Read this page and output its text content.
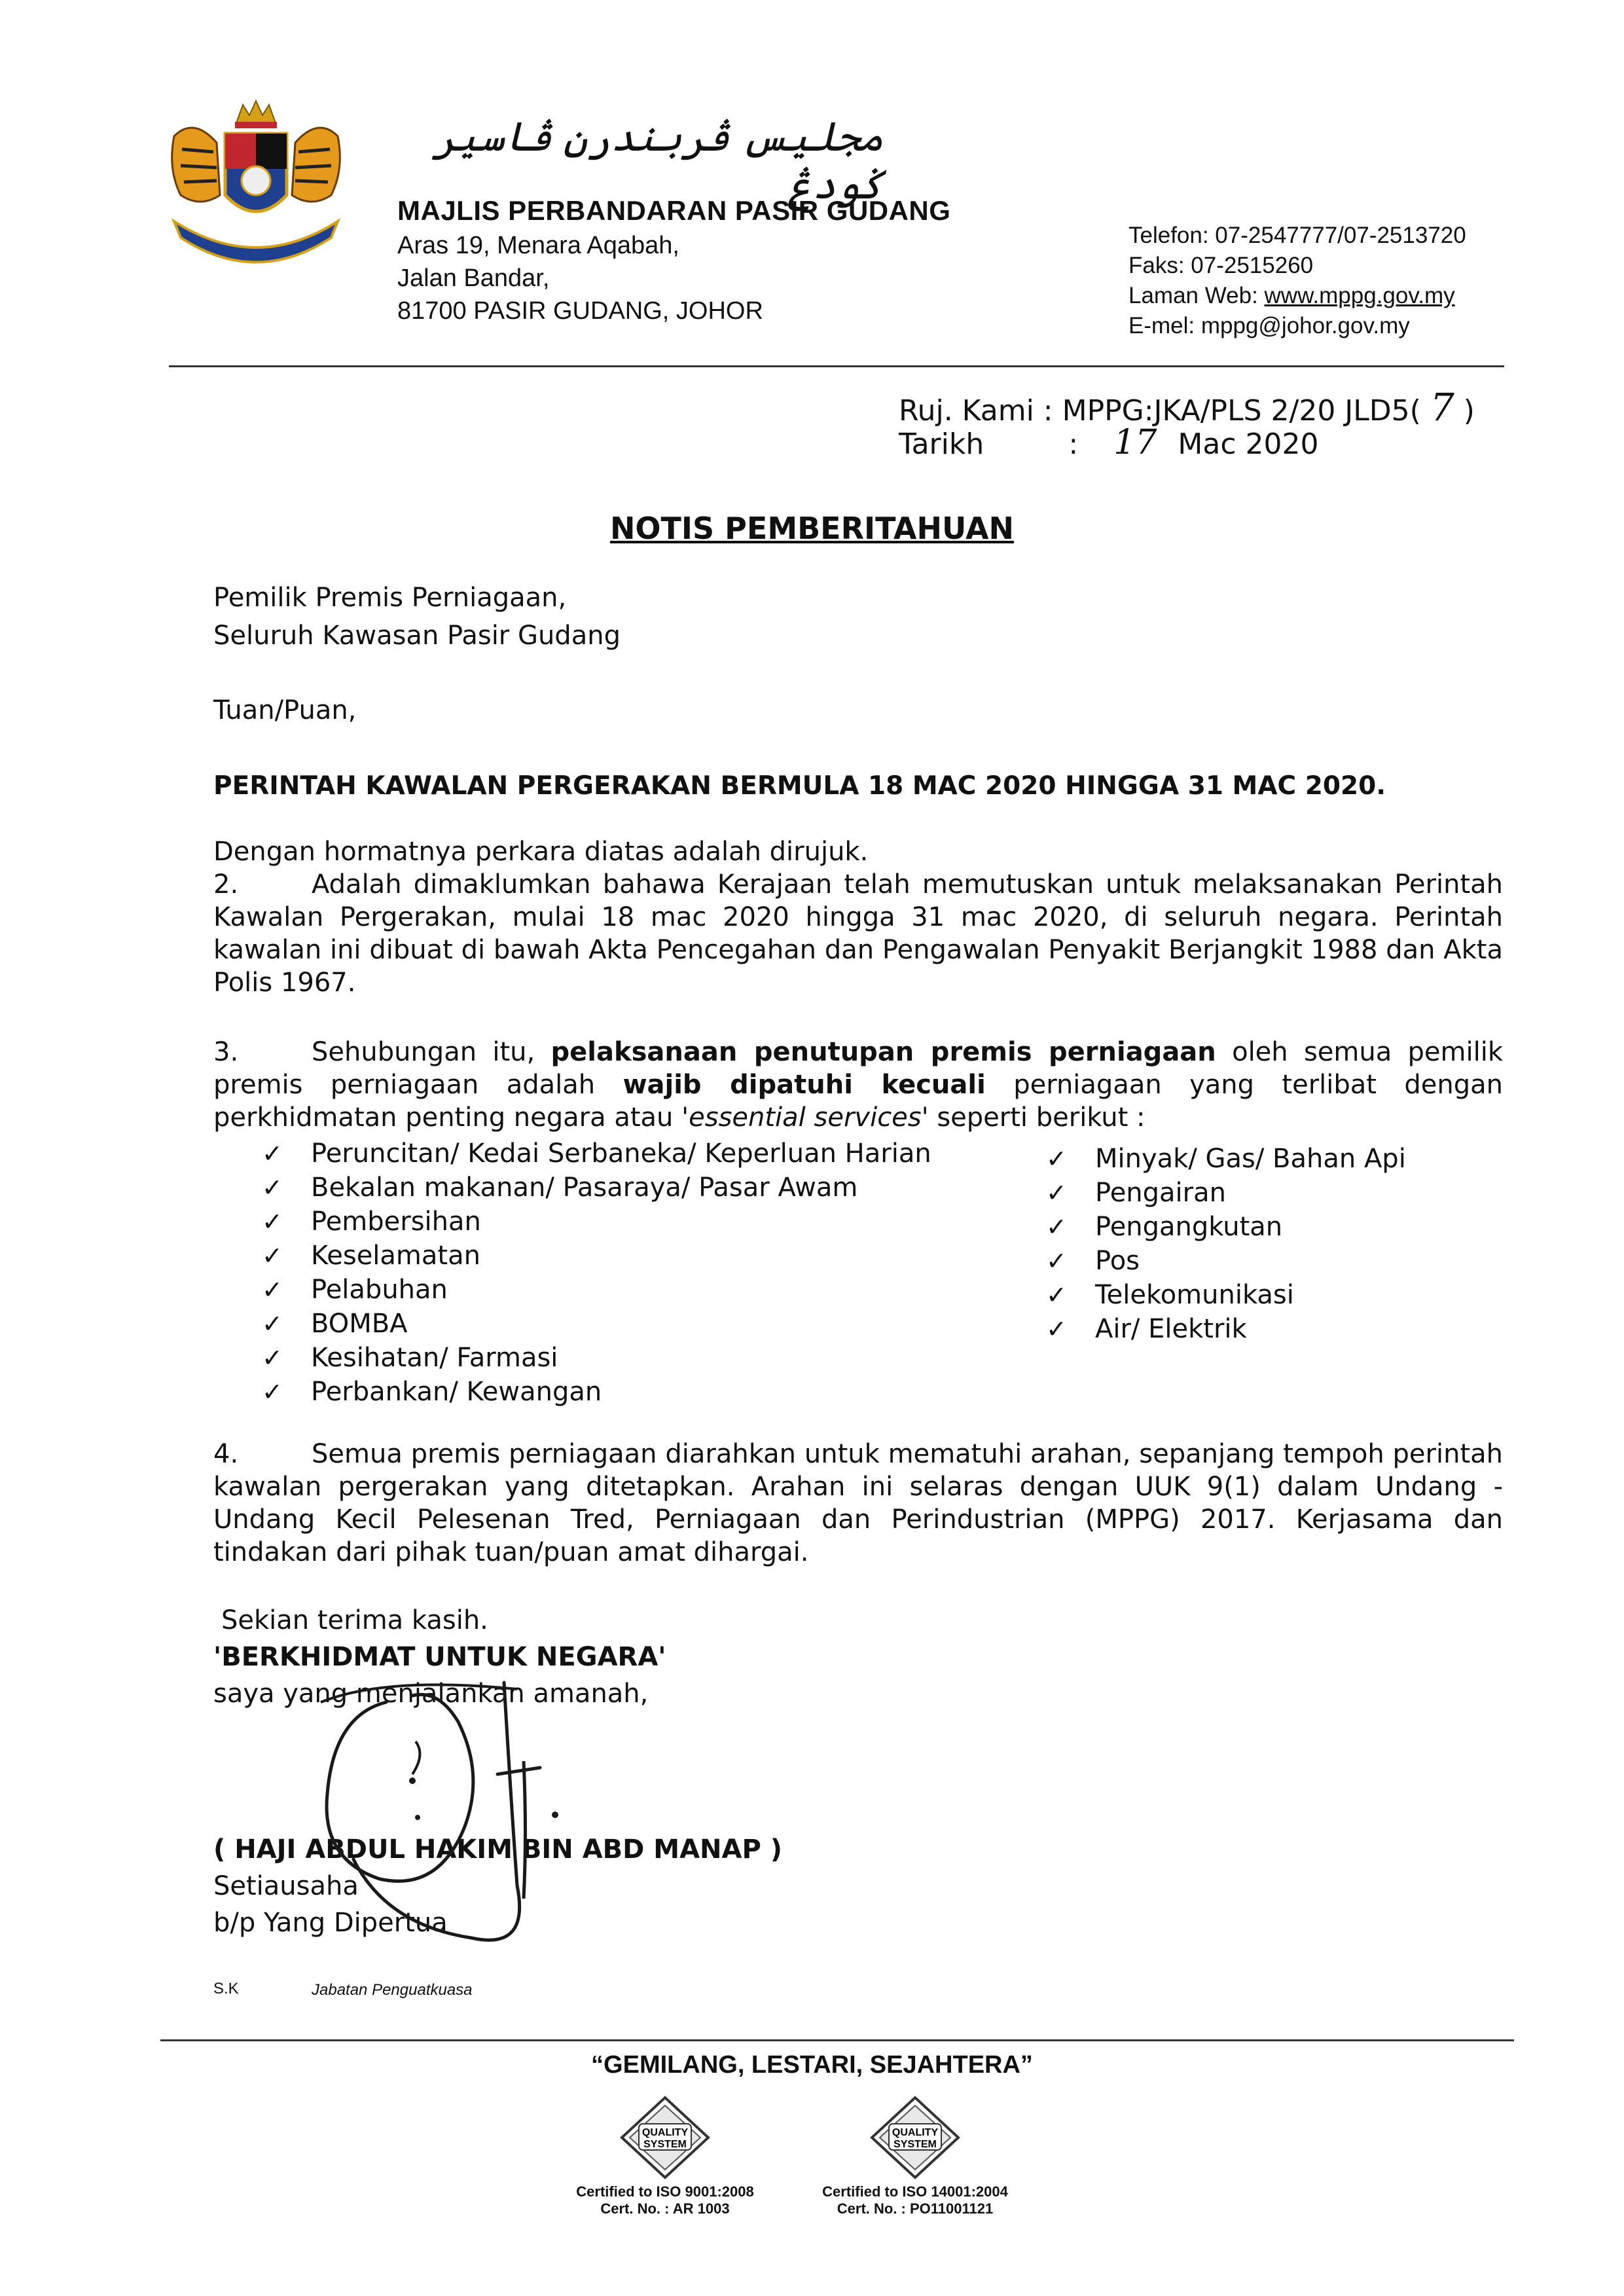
مجليس ڤربندرن ڤاسير ݢودڠ
MAJLIS PERBANDARAN PASIR GUDANG
Aras 19, Menara Aqabah,
Jalan Bandar,
81700 PASIR GUDANG, JOHOR
Telefon: 07-2547777/07-2513720
Faks: 07-2515260
Laman Web: www.mppg.gov.my
E-mel: mppg@johor.gov.my
Ruj. Kami : MPPG:JKA/PLS 2/20 JLD5( 7 )
Tarikh	: 17 Mac 2020
NOTIS PEMBERITAHUAN
Pemilik Premis Perniagaan,
Seluruh Kawasan Pasir Gudang
Tuan/Puan,
PERINTAH KAWALAN PERGERAKAN BERMULA 18 MAC 2020 HINGGA 31 MAC 2020.
Dengan hormatnya perkara diatas adalah dirujuk.
2.	Adalah dimaklumkan bahawa Kerajaan telah memutuskan untuk melaksanakan Perintah Kawalan Pergerakan, mulai 18 mac 2020 hingga 31 mac 2020, di seluruh negara. Perintah kawalan ini dibuat di bawah Akta Pencegahan dan Pengawalan Penyakit Berjangkit 1988 dan Akta Polis 1967.
3.	Sehubungan itu, pelaksanaan penutupan premis perniagaan oleh semua pemilik premis perniagaan adalah wajib dipatuhi kecuali perniagaan yang terlibat dengan perkhidmatan penting negara atau 'essential services' seperti berikut :
✓	Peruncitan/ Kedai Serbaneka/ Keperluan Harian
✓	Bekalan makanan/ Pasaraya/ Pasar Awam
✓	Pembersihan
✓	Keselamatan
✓	Pelabuhan
✓	BOMBA
✓	Kesihatan/ Farmasi
✓	Perbankan/ Kewangan
✓	Minyak/ Gas/ Bahan Api
✓	Pengairan
✓	Pengangkutan
✓	Pos
✓	Telekomunikasi
✓	Air/ Elektrik
4.	Semua premis perniagaan diarahkan untuk mematuhi arahan, sepanjang tempoh perintah kawalan pergerakan yang ditetapkan. Arahan ini selaras dengan UUK 9(1) dalam Undang - Undang Kecil Pelesenan Tred, Perniagaan dan Perindustrian (MPPG) 2017. Kerjasama dan tindakan dari pihak tuan/puan amat dihargai.
Sekian terima kasih.
'BERKHIDMAT UNTUK NEGARA'
saya yang menjalankan amanah,
( HAJI ABDUL HAKIM BIN ABD MANAP )
Setiausaha
b/p Yang Dipertua
S.K	Jabatan Penguatkuasa
“GEMILANG, LESTARI, SEJAHTERA”
QUALITY
SYSTEM
Certified to ISO 9001:2008
Cert. No. : AR 1003
QUALITY
SYSTEM
Certified to ISO 14001:2004
Cert. No. : PO11001121
